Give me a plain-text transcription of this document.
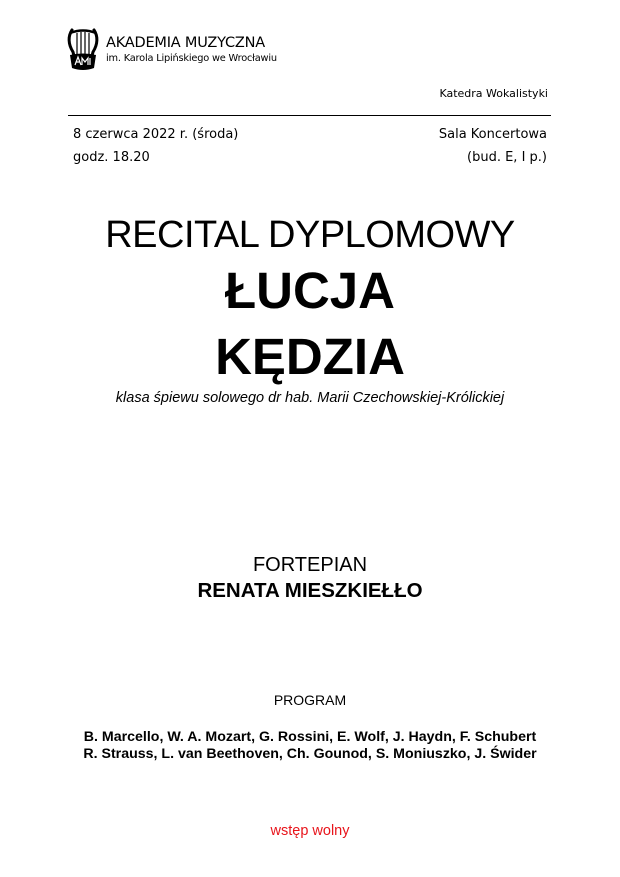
AKADEMIA MUZYCZNA
im. Karola Lipińskiego we Wrocławiu
Katedra Wokalistyki
8 czerwca 2022 r. (środa)
godz. 18.20
Sala Koncertowa
(bud. E, I p.)
RECITAL DYPLOMOWY
ŁUCJA
KĘDZIA
klasa śpiewu solowego dr hab. Marii Czechowskiej-Królickiej
FORTEPIAN
RENATA MIESZKIEŁŁO
PROGRAM
B. Marcello, W. A. Mozart, G. Rossini, E. Wolf, J. Haydn, F. Schubert
R. Strauss, L. van Beethoven, Ch. Gounod, S. Moniuszko, J. Świder
wstęp wolny
